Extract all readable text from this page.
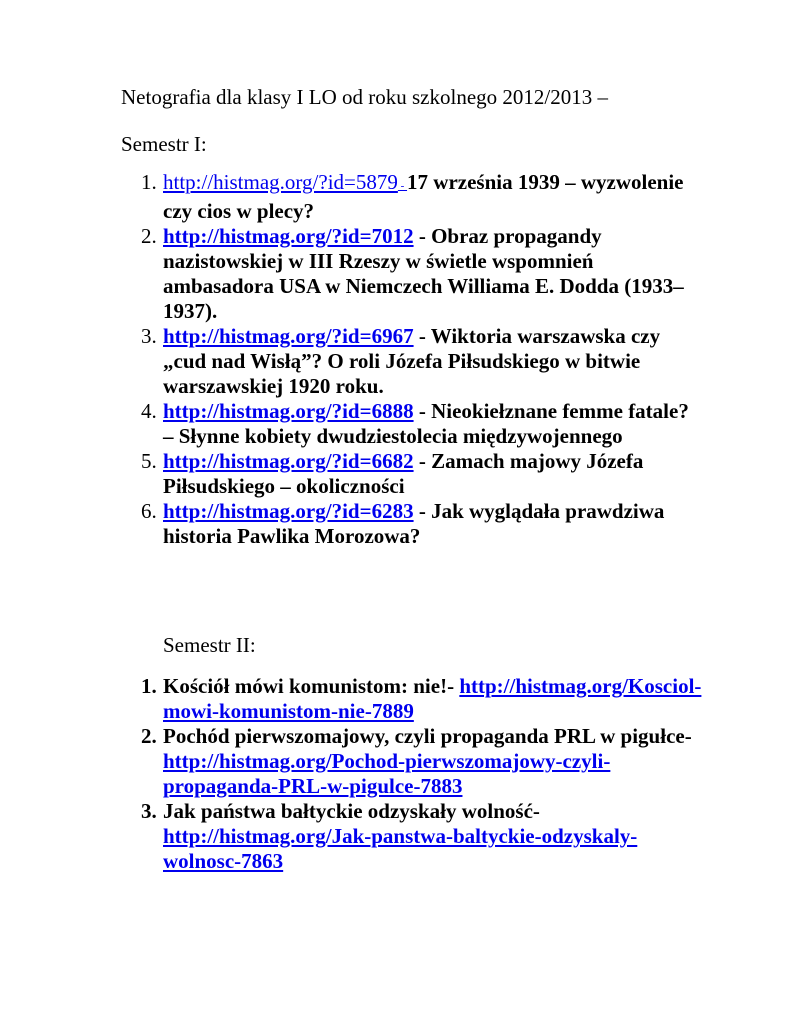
Netografia dla klasy I LO od roku szkolnego 2012/2013 –
Semestr I:
1. http://histmag.org/?id=5879 - 17 września 1939 – wyzwolenie czy cios w plecy?
2. http://histmag.org/?id=7012 - Obraz propagandy nazistowskiej w III Rzeszy w świetle wspomnień ambasadora USA w Niemczech Williama E. Dodda (1933–1937).
3. http://histmag.org/?id=6967 - Wiktoria warszawska czy „cud nad Wisłą”? O roli Józefa Piłsudskiego w bitwie warszawskiej 1920 roku.
4. http://histmag.org/?id=6888 - Nieokiełznane femme fatale? – Słynne kobiety dwudziestolecia międzywojennego
5. http://histmag.org/?id=6682 - Zamach majowy Józefa Piłsudskiego – okoliczności
6. http://histmag.org/?id=6283 - Jak wyglądała prawdziwa historia Pawlika Morozowa?
Semestr II:
1. Kościół mówi komunistom: nie!- http://histmag.org/Kosciol-mowi-komunistom-nie-7889
2. Pochód pierwszomajowy, czyli propaganda PRL w pigułce- http://histmag.org/Pochod-pierwszomajowy-czyli-propaganda-PRL-w-pigulce-7883
3. Jak państwa bałtyckie odzyskały wolność- http://histmag.org/Jak-panstwa-baltyckie-odzyskaly-wolnosc-7863
